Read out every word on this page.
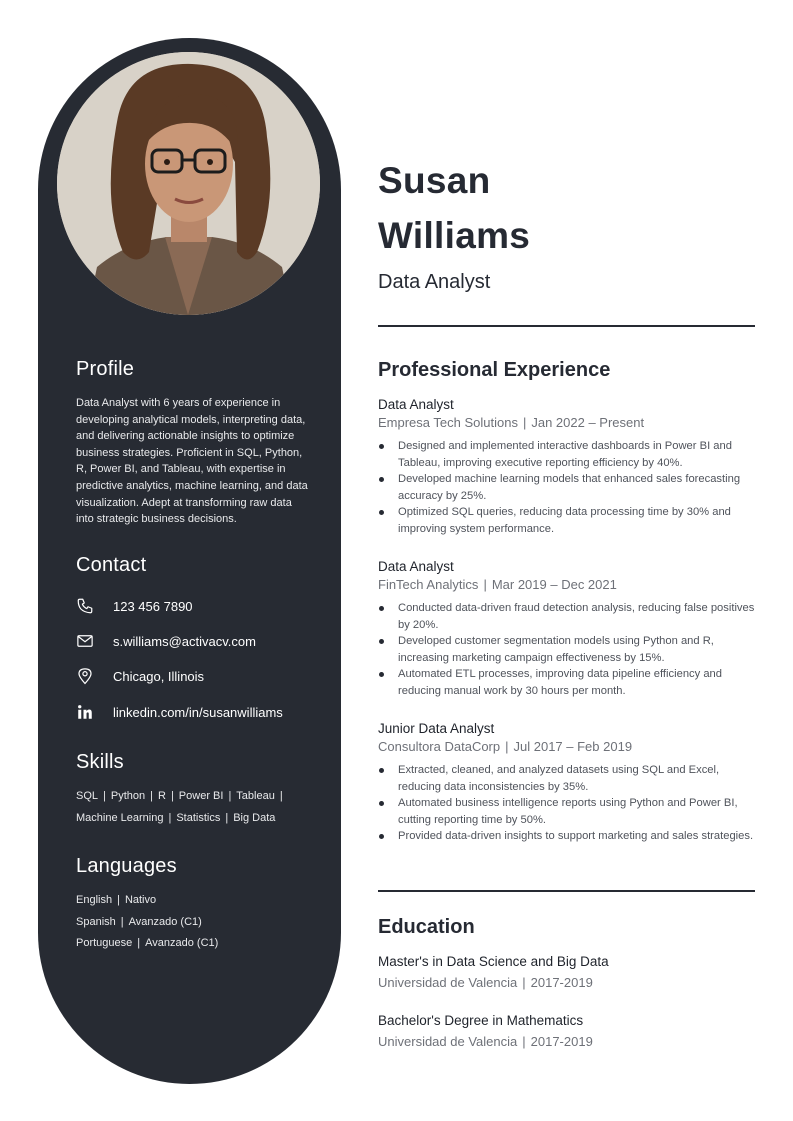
Profile
Data Analyst with 6 years of experience in developing analytical models, interpreting data, and delivering actionable insights to optimize business strategies. Proficient in SQL, Python, R, Power BI, and Tableau, with expertise in predictive analytics, machine learning, and data visualization. Adept at transforming raw data into strategic business decisions.
Contact
123 456 7890
s.williams@activacv.com
Chicago, Illinois
linkedin.com/in/susanwilliams
Skills
SQL | Python | R | Power BI | Tableau |
Machine Learning | Statistics | Big Data
Languages
English | Nativo
Spanish | Avanzado (C1)
Portuguese | Avanzado (C1)
Susan
Williams
Data Analyst
Professional Experience
Data Analyst
Empresa Tech Solutions | Jan 2022 – Present
Designed and implemented interactive dashboards in Power BI and Tableau, improving executive reporting efficiency by 40%.
Developed machine learning models that enhanced sales forecasting accuracy by 25%.
Optimized SQL queries, reducing data processing time by 30% and improving system performance.
Data Analyst
FinTech Analytics | Mar 2019 – Dec 2021
Conducted data-driven fraud detection analysis, reducing false positives by 20%.
Developed customer segmentation models using Python and R, increasing marketing campaign effectiveness by 15%.
Automated ETL processes, improving data pipeline efficiency and reducing manual work by 30 hours per month.
Junior Data Analyst
Consultora DataCorp | Jul 2017 – Feb 2019
Extracted, cleaned, and analyzed datasets using SQL and Excel, reducing data inconsistencies by 35%.
Automated business intelligence reports using Python and Power BI, cutting reporting time by 50%.
Provided data-driven insights to support marketing and sales strategies.
Education
Master's in Data Science and Big Data
Universidad de Valencia | 2017-2019
Bachelor's Degree in Mathematics
Universidad de Valencia | 2017-2019
